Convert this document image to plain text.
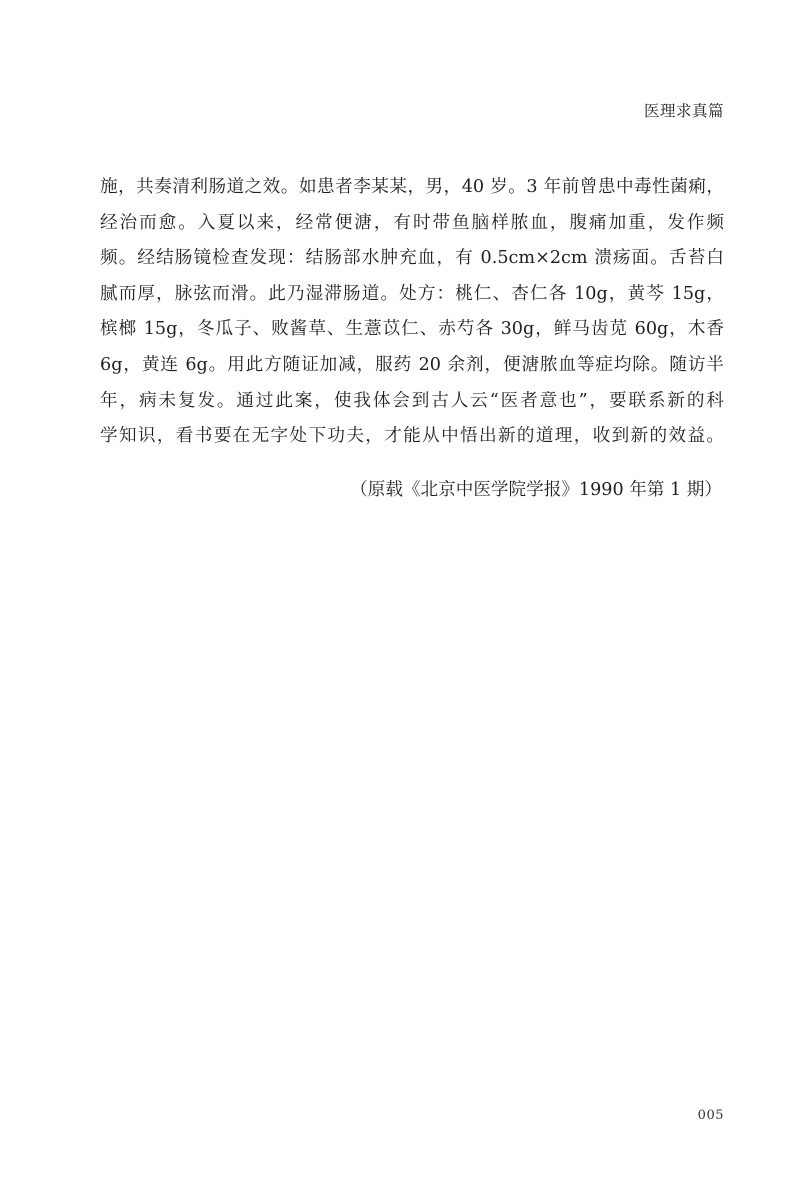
医理求真篇
施，共奏清利肠道之效。如患者李某某，男，40 岁。3 年前曾患中毒性菌痢，
经治而愈。入夏以来，经常便溏，有时带鱼脑样脓血，腹痛加重，发作频
频。经结肠镜检查发现：结肠部水肿充血，有 0.5cm×2cm 溃疡面。舌苔白
腻而厚，脉弦而滑。此乃湿滞肠道。处方：桃仁、杏仁各 10g，黄芩 15g，
槟榔 15g，冬瓜子、败酱草、生薏苡仁、赤芍各 30g，鲜马齿苋 60g，木香
6g，黄连 6g。用此方随证加减，服药 20 余剂，便溏脓血等症均除。随访半
年，病未复发。通过此案，使我体会到古人云“医者意也”，要联系新的科
学知识，看书要在无字处下功夫，才能从中悟出新的道理，收到新的效益。
（原载《北京中医学院学报》1990 年第 1 期）
005
